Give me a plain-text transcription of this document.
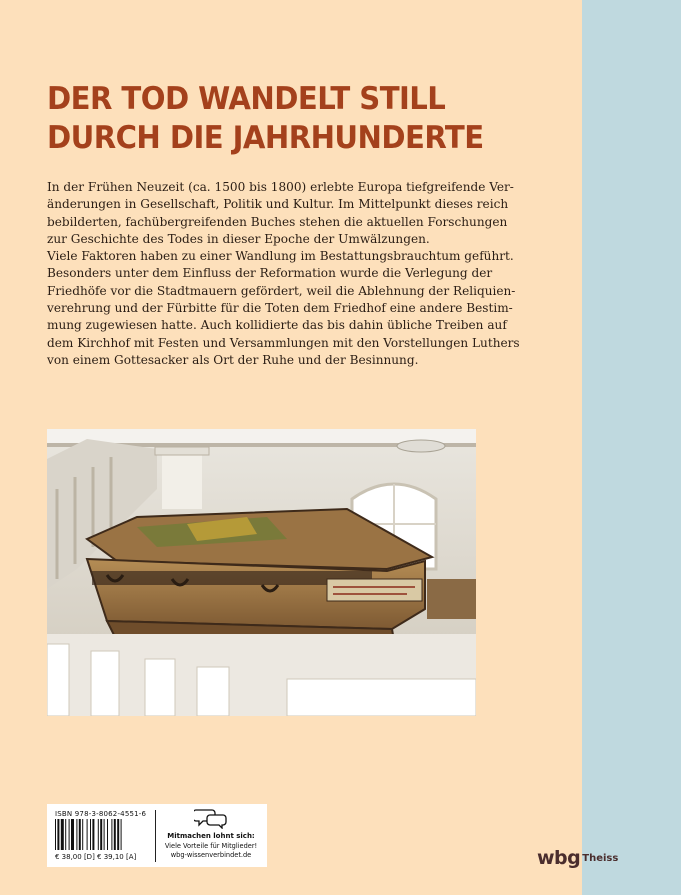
DER TOD WANDELT STILL
DURCH DIE JAHRHUNDERTE
In der Frühen Neuzeit (ca. 1500 bis 1800) erlebte Europa tiefgreifende Ver-
änderungen in Gesellschaft, Politik und Kultur. Im Mittelpunkt dieses reich
bebilderten, fachübergreifenden Buches stehen die aktuellen Forschungen
zur Geschichte des Todes in dieser Epoche der Umwälzungen.
Viele Faktoren haben zu einer Wandlung im Bestattungsbrauchtum geführt.
Besonders unter dem Einfluss der Reformation wurde die Verlegung der
Friedhöfe vor die Stadtmauern gefördert, weil die Ablehnung der Reliquien-
verehrung und der Fürbitte für die Toten dem Friedhof eine andere Bestim-
mung zugewiesen hatte. Auch kollidierte das bis dahin übliche Treiben auf
dem Kirchhof mit Festen und Versammlungen mit den Vorstellungen Luthers
von einem Gottesacker als Ort der Ruhe und der Besinnung.
ISBN 978-3-8062-4551-6
€ 38,00 [D] € 39,10 [A]
Mitmachen lohnt sich:
Viele Vorteile für Mitglieder!
wbg-wissenverbindet.de	wbg Theiss
